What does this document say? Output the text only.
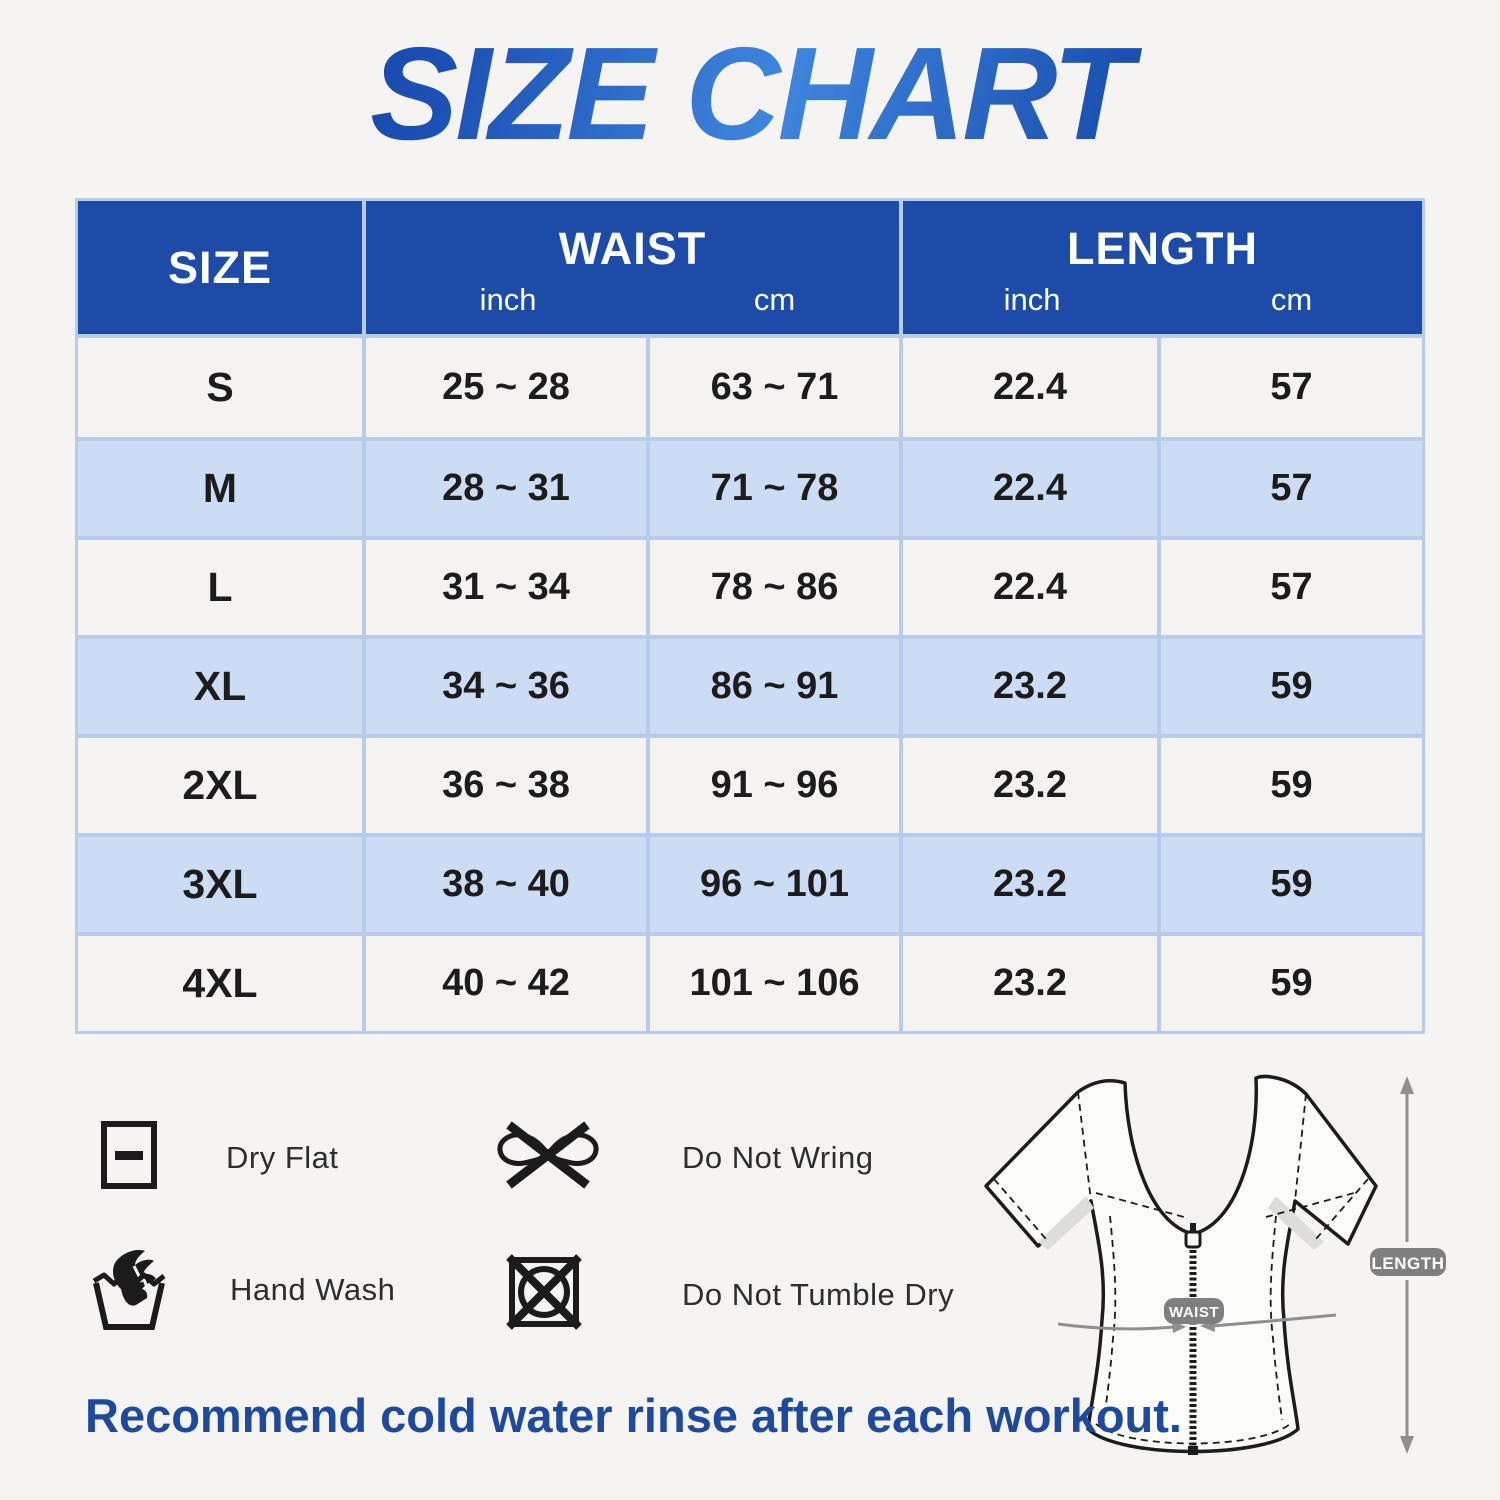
SIZE CHART
SIZE	WAIST
inch	cm
LENGTH
inch	cm
S	25 ~ 28	63 ~ 71	22.4	57
M	28 ~ 31	71 ~ 78	22.4	57
L	31 ~ 34	78 ~ 86	22.4	57
XL	34 ~ 36	86 ~ 91	23.2	59
2XL	36 ~ 38	91 ~ 96	23.2	59
3XL	38 ~ 40	96 ~ 101	23.2	59
4XL	40 ~ 42	101 ~ 106	23.2	59
Dry Flat	Do Not Wring
Hand Wash	Do Not Tumble Dry
LENGTH
WAIST
Recommend cold water rinse after each workout.
